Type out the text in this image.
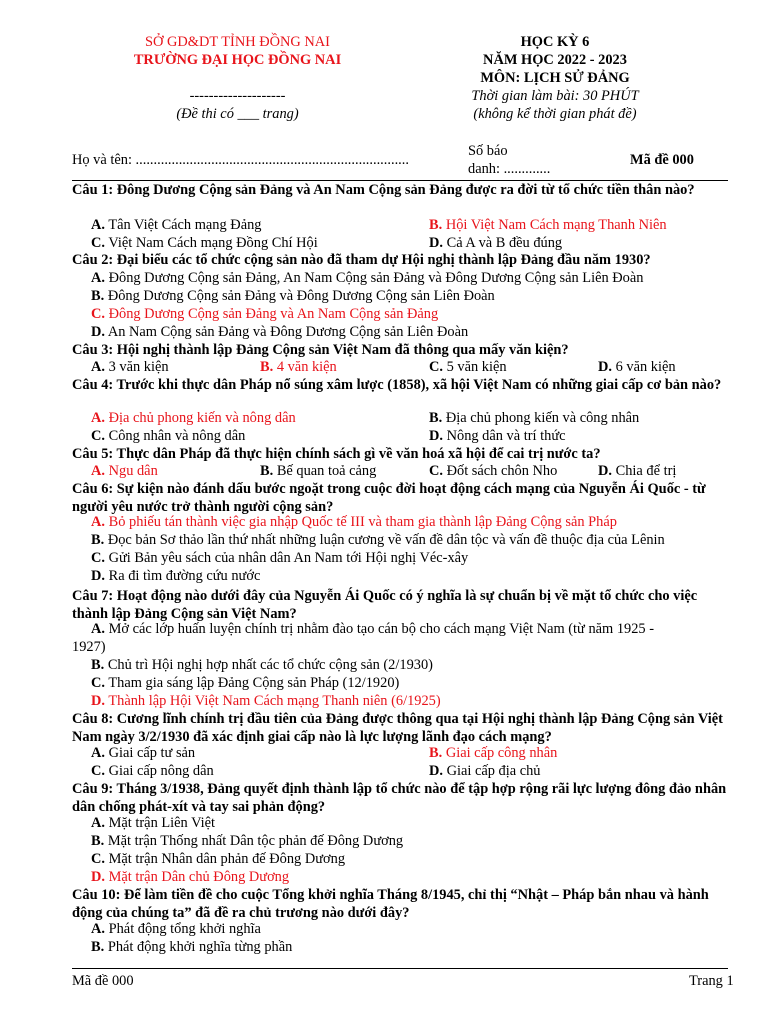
SỞ GD&DT TỈNH ĐỒNG NAI
TRƯỜNG ĐẠI HỌC ĐỒNG NAI
--------------------
(Đề thi có ___ trang)
HỌC KỲ 6
NĂM HỌC 2022 - 2023
MÔN: LỊCH SỬ ĐẢNG
Thời gian làm bài: 30 PHÚT
(không kể thời gian phát đề)
Họ và tên: ............................................................................
Số báo
danh: .............
Mã đề 000
Câu 1: Đông Dương Cộng sản Đảng và An Nam Cộng sản Đảng được ra đời từ tổ chức tiền thân nào?
A. Tân Việt Cách mạng Đảng	B. Hội Việt Nam Cách mạng Thanh Niên
C. Việt Nam Cách mạng Đồng Chí Hội	D. Cả A và B đều đúng
Câu 2: Đại biểu các tổ chức cộng sản nào đã tham dự Hội nghị thành lập Đảng đầu năm 1930?
A. Đông Dương Cộng sản Đảng, An Nam Cộng sản Đảng và Đông Dương Cộng sản Liên Đoàn
B. Đông Dương Cộng sản Đảng và Đông Dương Cộng sản Liên Đoàn
C. Đông Dương Cộng sản Đảng và An Nam Cộng sản Đảng
D. An Nam Cộng sản Đảng và Đông Dương Cộng sản Liên Đoàn
Câu 3: Hội nghị thành lập Đảng Cộng sản Việt Nam đã thông qua mấy văn kiện?
A. 3 văn kiện	B. 4 văn kiện	C. 5 văn kiện	D. 6 văn kiện
Câu 4: Trước khi thực dân Pháp nổ súng xâm lược (1858), xã hội Việt Nam có những giai cấp cơ bản nào?
A. Địa chủ phong kiến và nông dân	B. Địa chủ phong kiến và công nhân
C. Công nhân và nông dân	D. Nông dân và trí thức
Câu 5: Thực dân Pháp đã thực hiện chính sách gì về văn hoá xã hội để cai trị nước ta?
A. Ngu dân	B. Bế quan toả cảng	C. Đốt sách chôn Nho	D. Chia để trị
Câu 6: Sự kiện nào đánh dấu bước ngoặt trong cuộc đời hoạt động cách mạng của Nguyễn Ái Quốc - từ người yêu nước trở thành người cộng sản?
A. Bỏ phiếu tán thành việc gia nhập Quốc tế III và tham gia thành lập Đảng Cộng sản Pháp
B. Đọc bản Sơ thảo lần thứ nhất những luận cương về vấn đề dân tộc và vấn đề thuộc địa của Lênin
C. Gửi Bản yêu sách của nhân dân An Nam tới Hội nghị Véc-xây
D. Ra đi tìm đường cứu nước
Câu 7: Hoạt động nào dưới đây của Nguyễn Ái Quốc có ý nghĩa là sự chuẩn bị về mặt tổ chức cho việc thành lập Đảng Cộng sản Việt Nam?
A. Mở các lớp huấn luyện chính trị nhằm đào tạo cán bộ cho cách mạng Việt Nam (từ năm 1925 -
1927)
B. Chủ trì Hội nghị hợp nhất các tổ chức cộng sản (2/1930)
C. Tham gia sáng lập Đảng Cộng sản Pháp (12/1920)
D. Thành lập Hội Việt Nam Cách mạng Thanh niên (6/1925)
Câu 8: Cương lĩnh chính trị đầu tiên của Đảng được thông qua tại Hội nghị thành lập Đảng Cộng sản Việt Nam ngày 3/2/1930 đã xác định giai cấp nào là lực lượng lãnh đạo cách mạng?
A. Giai cấp tư sản	B. Giai cấp công nhân
C. Giai cấp nông dân	D. Giai cấp địa chủ
Câu 9: Tháng 3/1938, Đảng quyết định thành lập tổ chức nào để tập hợp rộng rãi lực lượng đông đảo nhân dân chống phát-xít và tay sai phản động?
A. Mặt trận Liên Việt
B. Mặt trận Thống nhất Dân tộc phản đế Đông Dương
C. Mặt trận Nhân dân phản đế Đông Dương
D. Mặt trận Dân chủ Đông Dương
Câu 10: Để làm tiền đề cho cuộc Tổng khởi nghĩa Tháng 8/1945, chỉ thị “Nhật – Pháp bắn nhau và hành động của chúng ta” đã đề ra chủ trương nào dưới đây?
A. Phát động tổng khởi nghĩa
B. Phát động khởi nghĩa từng phần
Mã đề 000	Trang 1
